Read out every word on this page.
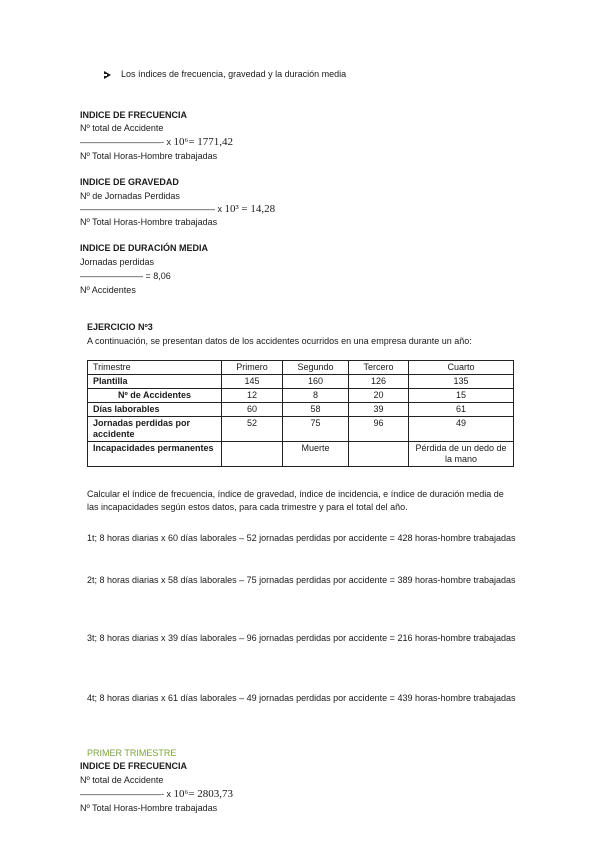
Los índices de frecuencia, gravedad y la duración media
INDICE DE FRECUENCIA
Nº total de Accidente
—————————- x 10⁶= 1771,42
Nº Total Horas-Hombre trabajadas
INDICE DE GRAVEDAD
Nº de Jornadas Perdidas
——————————————— x 10³ = 14,28
Nº Total Horas-Hombre trabajadas
INDICE DE DURACIÓN MEDIA
Jornadas perdidas
——————— = 8,06
Nº Accidentes
EJERCICIO Nº3
A continuación, se presentan datos de los accidentes ocurridos en una empresa durante un año:
Trimestre	Primero	Segundo	Tercero	Cuarto
Plantilla	145	160	126	135
Nº de Accidentes	12	8	20	15
Días laborables	60	58	39	61
Jornadas perdidas por accidente	52	75	96	49
Incapacidades permanentes		Muerte		Pérdida de un dedo de la mano
Calcular el índice de frecuencia, índice de gravedad, índice de incidencia, e índice de duración media de las incapacidades según estos datos, para cada trimestre y para el total del año.
1t; 8 horas diarias x 60 días laborales – 52 jornadas perdidas por accidente = 428 horas-hombre trabajadas
2t; 8 horas diarias x 58 días laborales – 75 jornadas perdidas por accidente = 389 horas-hombre trabajadas
3t; 8 horas diarias x 39 días laborales – 96 jornadas perdidas por accidente = 216 horas-hombre trabajadas
4t; 8 horas diarias x 61 días laborales – 49 jornadas perdidas por accidente = 439 horas-hombre trabajadas
PRIMER TRIMESTRE
INDICE DE FRECUENCIA
Nº total de Accidente
—————————- x 10⁶= 2803,73
Nº Total Horas-Hombre trabajadas
